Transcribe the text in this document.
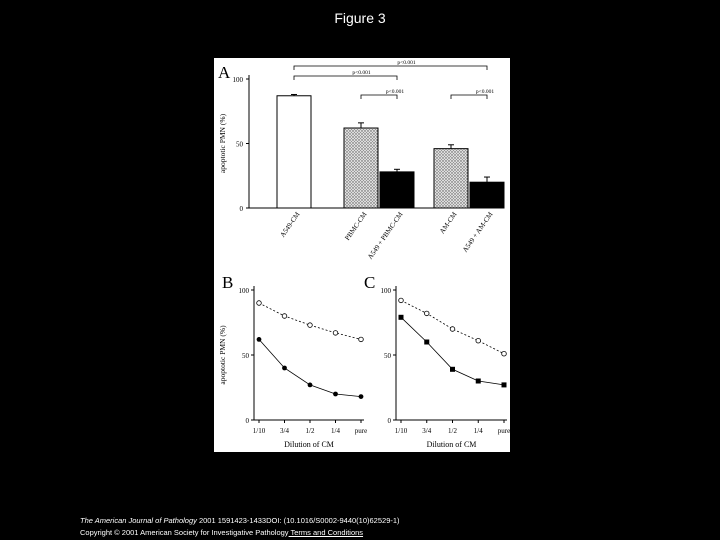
Figure 3
A
0
50
100
apoptotic PMN (%)
A549-CM	PBMC-CM
A549 + PBMC-CM	AM-CM A549 + AM-CM
p<0.001
p<0.001
p<0.001	p<0.001
B
0
50
100
1/10 3/4 1/2 1/4 pure
Dilution of CM
apoptotic PMN (%)
C
0
50
100
1/10 3/4 1/2 1/4 pure
Dilution of CM
The American Journal of Pathology 2001 1591423-1433DOI: (10.1016/S0002-9440(10)62529-1)
Copyright © 2001 American Society for Investigative Pathology Terms and Conditions
